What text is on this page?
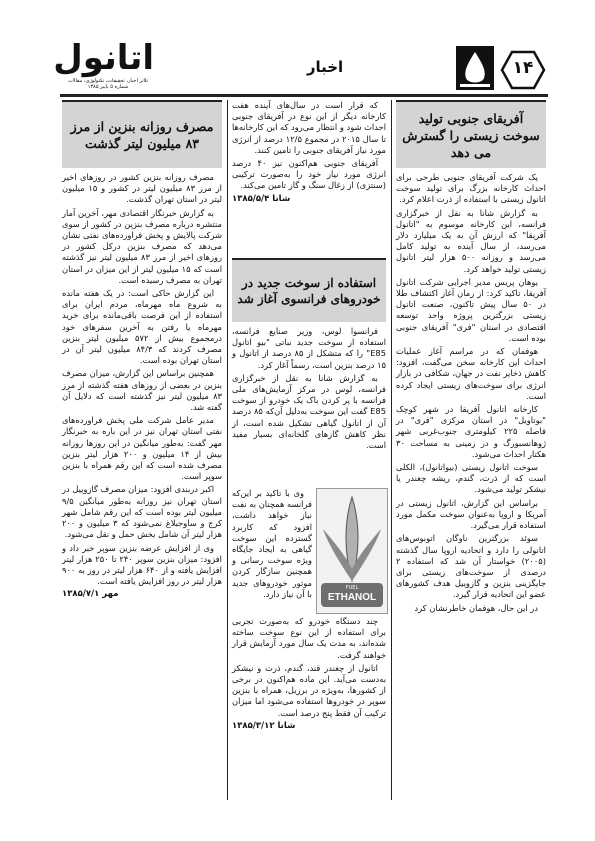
۱۴
اخبار
اتانول
تلاتر اخبار، تحقیقات، تکنولوژی، مقالات
شماره ۵ پاییز ۱۳۸۵
آفریقای جنوبی تولید سوخت زیستی را گسترش می دهد

یک شرکت آفریقای جنوبی طرحی برای احداث کارخانه بزرگ برای تولید سوخت اتانول زیستی با استفاده از ذرت اعلام کرد.

به گزارش شانا به نقل از خبرگزاری فرانسه، این کارخانه موسوم به "اتانول آفریقا" که ارزش آن به یک میلیارد دلار می‌رسد، از سال آینده به تولید کامل می‌رسد و روزانه ۵۰۰ هزار لیتر اتانول زیستی تولید خواهد کرد.

یوهان پریس مدیر اجرایی شرکت اتانول آفریقا، تاکید کرد: از زمان آغاز اکتشاف طلا در ۵۰ سال پیش تاکنون، صنعت اتانول زیستی بزرگترین پروژه واحد توسعه اقتصادی در استان "فری" آفریقای جنوبی بوده است.

هوفمان که در مراسم آغاز عملیات احداث این کارخانه سخن می‌گفت، افزود: کاهش ذخایر نفت در جهان، شکافی در بازار انرژی برای سوخت‌های زیستی ایجاد کرده است.

کارخانه اتانول آفریقا در شهر کوچک "بوتاویل" در استان مرکزی "فری" در فاصله ۲۲۵ کیلومتری جنوب‌غربی شهر ژوهانسبورگ و در زمینی به مساحت ۳۰ هکتار احداث می‌شود.

سوخت اتانول زیستی (بیواتانول)، الکلی است که از ذرت، گندم، ریشه چغندر یا نیشکر تولید می‌شود.

براساس این گزارش، اتانول زیستی در آمریکا و اروپا به‌عنوان سوخت مکمل مورد استفاده قرار می‌گیرد.

سوئد بزرگترین ناوگان اتوبوس‌های اتانولی را دارد و اتحادیه اروپا سال گذشته (۲۰۰۵) خواستار آن شد که استفاده ۲ درصدی از سوخت‌های زیستی برای جایگزینی بنزین و گازوییل هدف کشورهای عضو این اتحادیه قرار گیرد.

در این حال، هوفمان خاطرنشان کرد

که قرار است در سال‌های آینده هفت کارخانه دیگر از این نوع در آفریقای جنوبی احداث شود و انتظار می‌رود که این کارخانه‌ها تا سال ۲۰۱۵ در مجموع ۱۲/۵ درصد از انرژی مورد نیاز آفریقای جنوبی را تامین کنند.

آفریقای جنوبی هم‌اکنون نیز ۴۰ درصد انرژی مورد نیاز خود را به‌صورت ترکیبی (سنتزی) از زغال سنگ و گاز تامین می‌کند.

شانا ۱۳۸۵/۵/۴
استفاده از سوخت جدید در خودروهای فرانسوی آغاز شد

فرانسوا لوس، وزیر صنایع فرانسه، استفاده از سوخت جدید نباتی "بیو اتانول E85" را که متشکل از ۸۵ درصد از اتانول و ۱۵ درصد بنزین است، رسماً آغاز کرد.

به گزارش شانا به نقل از خبرگزاری فرانسه، لوس در مرکز آزمایش‌های ملی فرانسه با پر کردن باک یک خودرو از سوخت E85 گفت این سوخت به‌دلیل آن‌که ۸۵ درصد آن از اتانول گیاهی تشکیل شده است، از نظر کاهش گازهای گلخانه‌ای بسیار مفید است.

FUEL
ETHANOL

وی با تاکید بر این‌که فرانسه همچنان به نفت نیاز خواهد داشت، افزود که کاربرد گسترده این سوخت گیاهی به ایجاد جایگاه ویژه سوخت رسانی و همچنین سازگار کردن موتور خودروهای جدید با آن نیاز دارد.

چند دستگاه خودرو که به‌صورت تجربی برای استفاده از این نوع سوخت ساخته شده‌اند، به مدت یک سال مورد آزمایش قرار خواهند گرفت.

اتانول از چغندر قند، گندم، ذرت و نیشکر به‌دست می‌آید. این ماده هم‌اکنون در برخی از کشورها، به‌ویژه در برزیل، همراه با بنزین سوپر در خودروها استفاده می‌شود اما میزان ترکیب آن فقط پنج درصد است.

شانا ۱۳۸۵/۳/۱۲
مصرف روزانه بنزین از مرز ۸۳ میلیون لیتر گذشت

مصرف روزانه بنزین کشور در روزهای اخیر از مرز ۸۳ میلیون لیتر در کشور و ۱۵ میلیون لیتر در استان تهران گذشت.

به گزارش خبرنگار اقتصادی مهر، آخرین آمار منتشره درباره مصرف بنزین در کشور از سوی شرکت پالایش و پخش فراورده‌های نفتی نشان می‌دهد که مصرف بنزین درکل کشور در روزهای اخیر از مرز ۸۳ میلیون لیتر نیز گذشته است که ۱۵ میلیون لیتر از این میزان در استان تهران به مصرف رسیده است.

این گزارش حاکی است: در یک هفته مانده به شروع ماه مهرماه، مردم ایران برای استفاده از این فرصت باقی‌مانده برای خرید مهرماه یا رفتن به آخرین سفرهای خود درمجموع بیش از ۵۷۲ میلیون لیتر بنزین مصرف کردند که ۸۴/۳ میلیون لیتر آن در استان تهران بوده است.

همچنین براساس این گزارش، میزان مصرف بنزین در بعضی از روزهای هفته گذشته از مرز ۸۳ میلیون لیتر نیز گذشته است که دلایل آن گفته شد.

مدیر عامل شرکت ملی پخش فراورده‌های نفتی استان تهران نیز در این باره به خبرنگار مهر گفت: به‌طور میانگین در این روزها روزانه بیش از ۱۴ میلیون و ۲۰۰ هزار لیتر بنزین مصرف شده است که این رقم همراه با بنزین سوپر است.

اکبر دربندی افزود: میزان مصرف گازوییل در استان تهران نیز روزانه به‌طور میانگین ۹/۵ میلیون لیتر بوده است که این رقم شامل شهر کرج و ساوجبلاغ نمی‌شود که ۳ میلیون و ۲۰۰ هزار لیتر آن شامل بخش حمل و نقل می‌شود.

وی از افزایش عرضه بنزین سوپر خبر داد و افزود: میزان بنزین سوپر ۲۴۰ تا ۲۵۰ هزار لیتر افزایش یافته و از ۶۴۰ هزار لیتر در روز به ۹۰۰ هزار لیتر در روز افزایش یافته است.

مهر ۱۳۸۵/۷/۱
